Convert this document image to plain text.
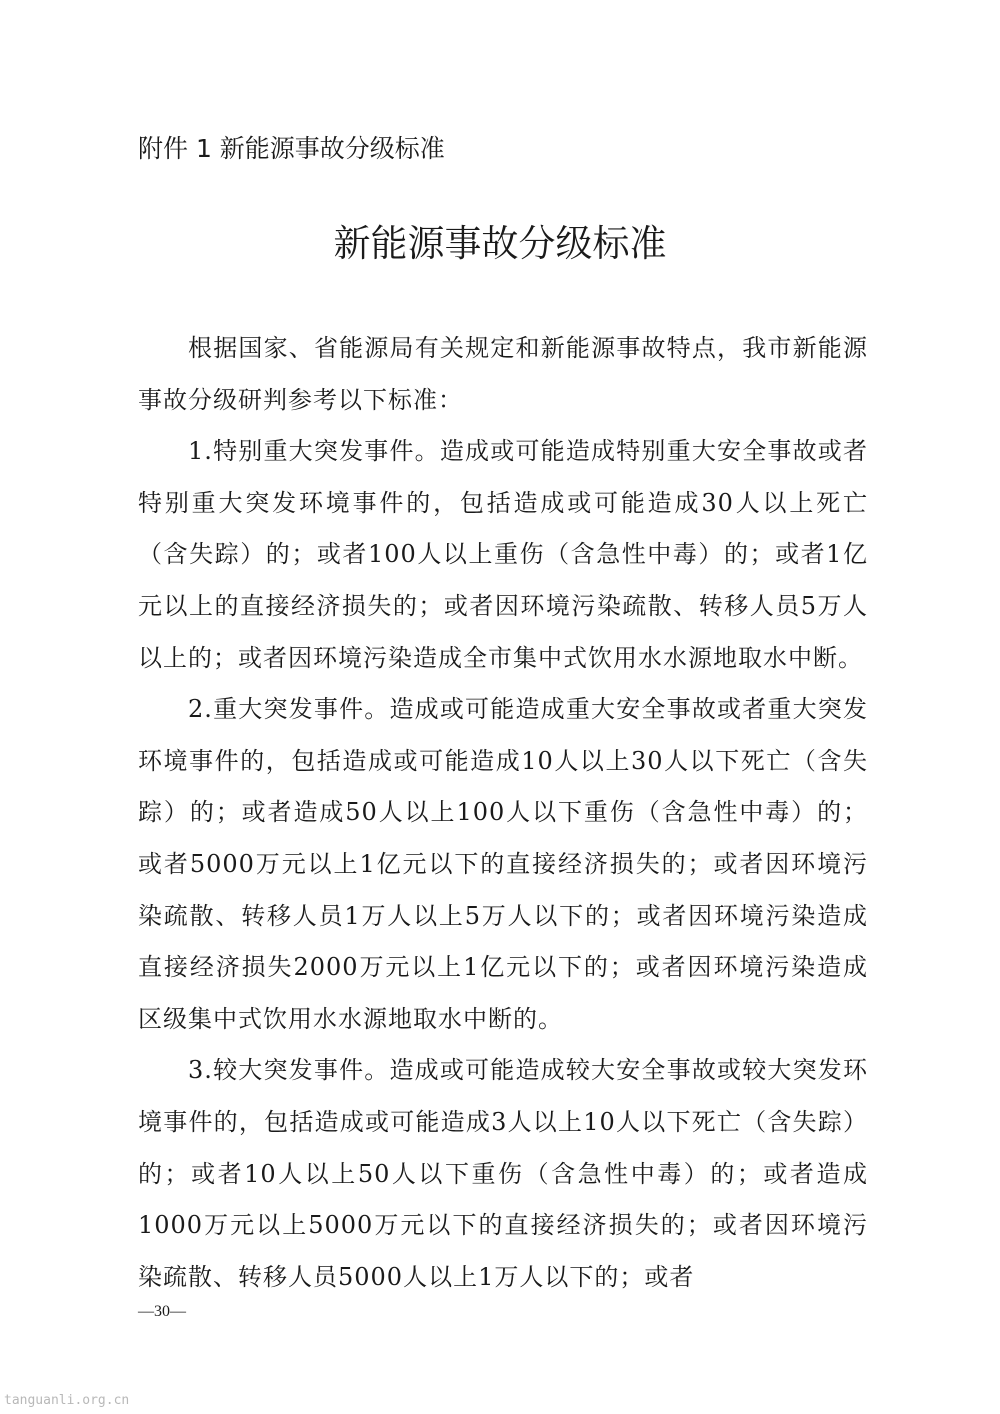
附件 1 新能源事故分级标准
新能源事故分级标准

根据国家、省能源局有关规定和新能源事故特点，我市新能源事故分级研判参考以下标准：

1.特别重大突发事件。造成或可能造成特别重大安全事故或者特别重大突发环境事件的，包括造成或可能造成30人以上死亡（含失踪）的；或者100人以上重伤（含急性中毒）的；或者1亿元以上的直接经济损失的；或者因环境污染疏散、转移人员5万人以上的；或者因环境污染造成全市集中式饮用水水源地取水中断。

2.重大突发事件。造成或可能造成重大安全事故或者重大突发环境事件的，包括造成或可能造成10人以上30人以下死亡（含失踪）的；或者造成50人以上100人以下重伤（含急性中毒）的；或者5000万元以上1亿元以下的直接经济损失的；或者因环境污染疏散、转移人员1万人以上5万人以下的；或者因环境污染造成直接经济损失2000万元以上1亿元以下的；或者因环境污染造成区级集中式饮用水水源地取水中断的。

3.较大突发事件。造成或可能造成较大安全事故或较大突发环境事件的，包括造成或可能造成3人以上10人以下死亡（含失踪）的；或者10人以上50人以下重伤（含急性中毒）的；或者造成1000万元以上5000万元以下的直接经济损失的；或者因环境污染疏散、转移人员5000人以上1万人以下的；或者

—30—
tanguanli.org.cn
